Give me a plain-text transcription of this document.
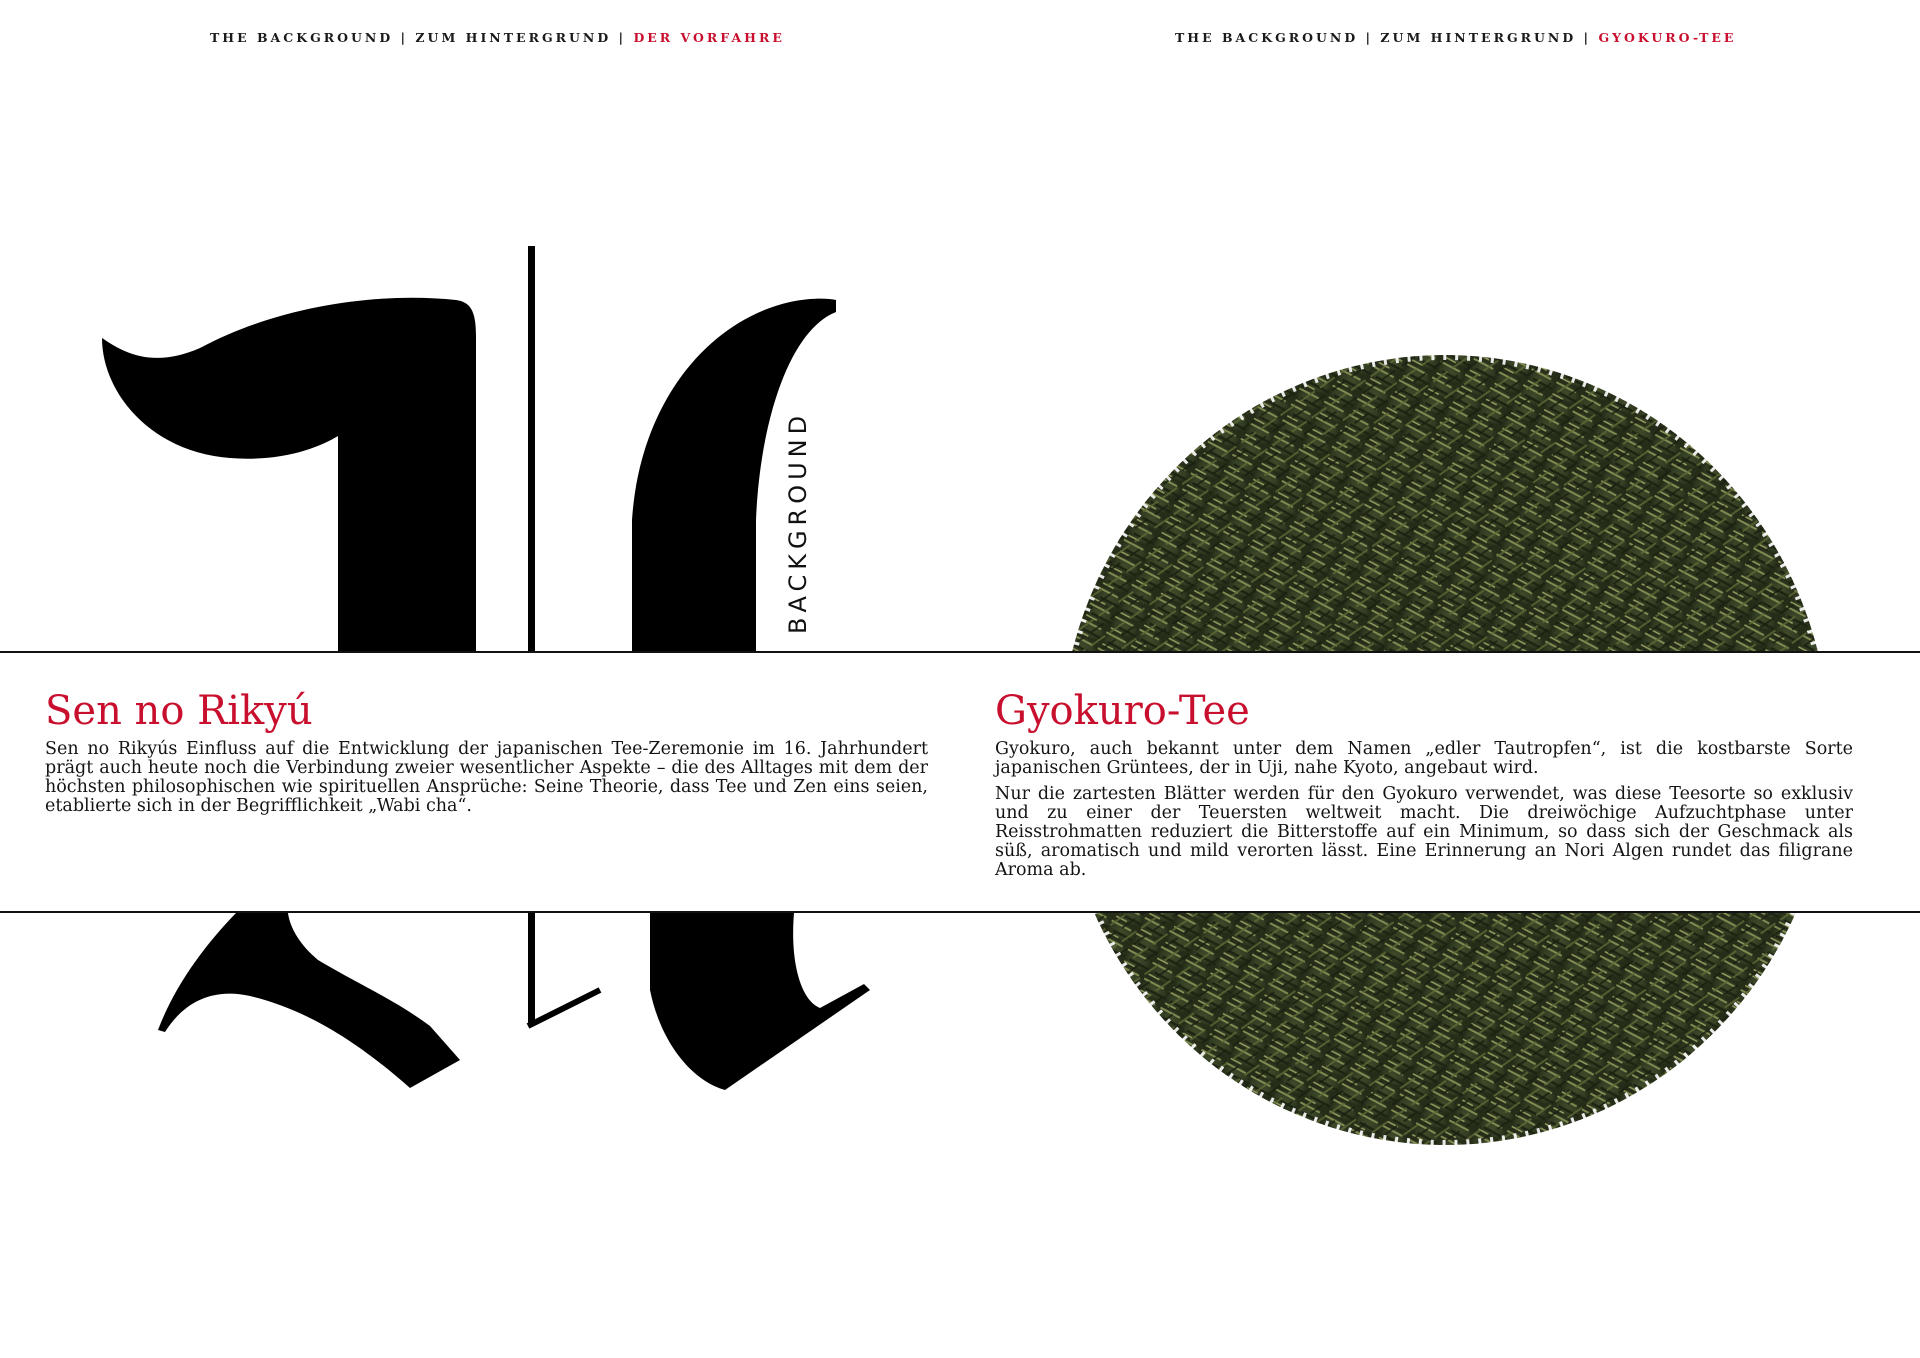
THE BACKGROUND | ZUM HINTERGRUND | DER VORFAHRE	THE BACKGROUND | ZUM HINTERGRUND | GYOKURO-TEE
BACKGROUND
Sen no Rikyú

Sen no Rikyús Einfluss auf die Entwicklung der japanischen Tee-Zeremonie im 16. Jahrhundert prägt auch heute noch die Verbindung zweier wesentlicher Aspekte – die des Alltages mit dem der höchsten philosophischen wie spirituellen Ansprüche: Seine Theorie, dass Tee und Zen eins seien, etablierte sich in der Begrifflichkeit „Wabi cha“.

Gyokuro-Tee

Gyokuro, auch bekannt unter dem Namen „edler Tautropfen“, ist die kostbarste Sorte japanischen Grüntees, der in Uji, nahe Kyoto, angebaut wird.

Nur die zartesten Blätter werden für den Gyokuro verwendet, was diese Teesorte so exklusiv und zu einer der Teuersten weltweit macht. Die dreiwöchige Aufzuchtphase unter Reisstrohmatten reduziert die Bitterstoffe auf ein Minimum, so dass sich der Geschmack als süß, aromatisch und mild verorten lässt. Eine Erinnerung an Nori Algen rundet das filigrane Aroma ab.
